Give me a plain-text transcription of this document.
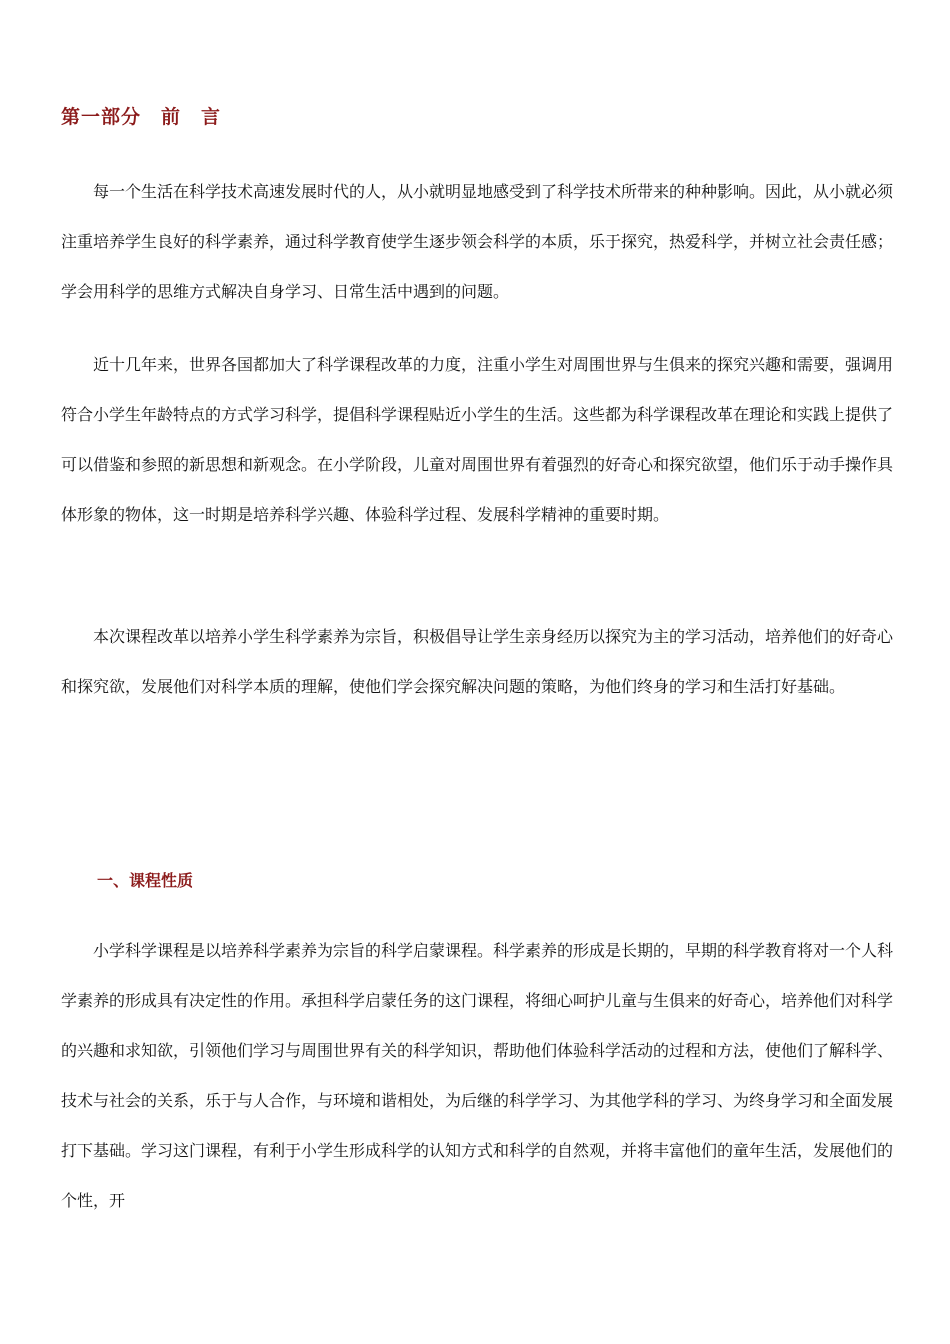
第一部分　前　言

每一个生活在科学技术高速发展时代的人，从小就明显地感受到了科学技术所带来的种种影响。因此，从小就必须注重培养学生良好的科学素养，通过科学教育使学生逐步领会科学的本质，乐于探究，热爱科学，并树立社会责任感；学会用科学的思维方式解决自身学习、日常生活中遇到的问题。

近十几年来，世界各国都加大了科学课程改革的力度，注重小学生对周围世界与生俱来的探究兴趣和需要，强调用符合小学生年龄特点的方式学习科学，提倡科学课程贴近小学生的生活。这些都为科学课程改革在理论和实践上提供了可以借鉴和参照的新思想和新观念。在小学阶段，儿童对周围世界有着强烈的好奇心和探究欲望，他们乐于动手操作具体形象的物体，这一时期是培养科学兴趣、体验科学过程、发展科学精神的重要时期。

本次课程改革以培养小学生科学素养为宗旨，积极倡导让学生亲身经历以探究为主的学习活动，培养他们的好奇心和探究欲，发展他们对科学本质的理解，使他们学会探究解决问题的策略，为他们终身的学习和生活打好基础。

一、课程性质

小学科学课程是以培养科学素养为宗旨的科学启蒙课程。科学素养的形成是长期的，早期的科学教育将对一个人科学素养的形成具有决定性的作用。承担科学启蒙任务的这门课程，将细心呵护儿童与生俱来的好奇心，培养他们对科学的兴趣和求知欲，引领他们学习与周围世界有关的科学知识，帮助他们体验科学活动的过程和方法，使他们了解科学、技术与社会的关系，乐于与人合作，与环境和谐相处，为后继的科学学习、为其他学科的学习、为终身学习和全面发展打下基础。学习这门课程，有利于小学生形成科学的认知方式和科学的自然观，并将丰富他们的童年生活，发展他们的个性，开
